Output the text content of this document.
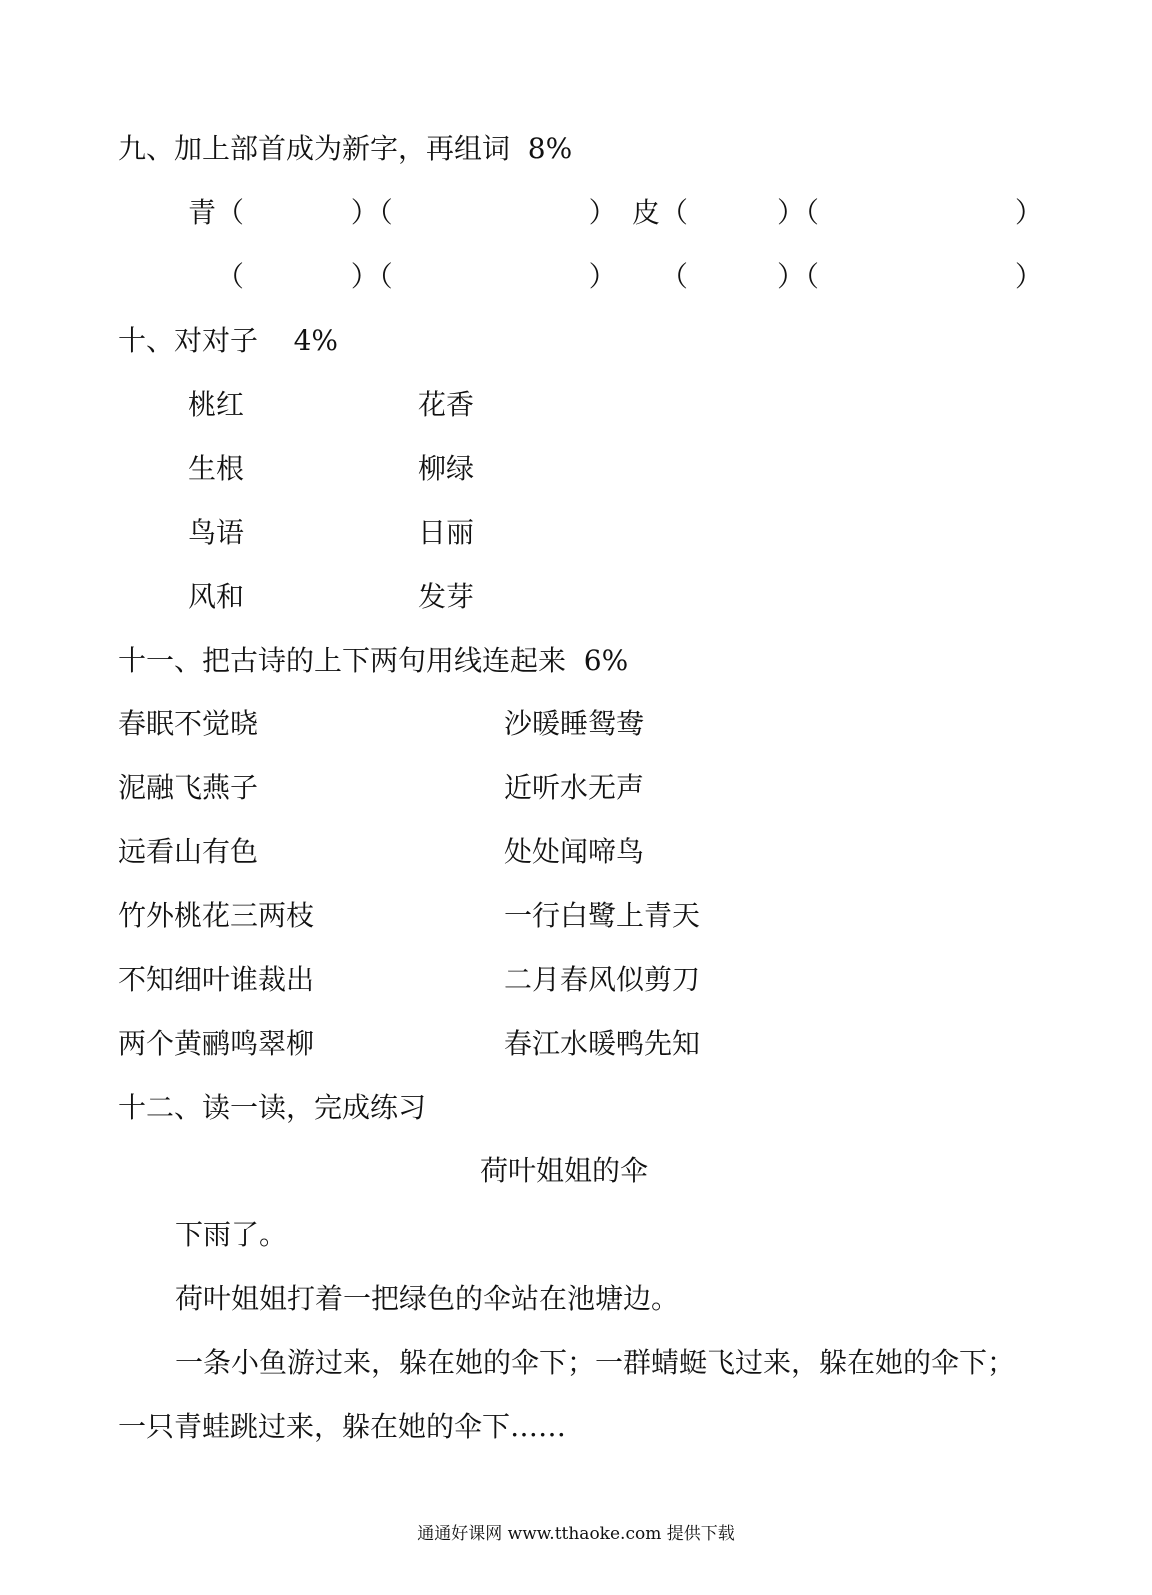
九、加上部首成为新字，再组词  8%
青（            ）（                      ） 皮（          ）（                      ）
（            ）（                      ） （          ）（                      ）
十、对对子    4%
桃红	花香
生根	柳绿
鸟语	日丽
风和	发芽
十一、把古诗的上下两句用线连起来  6%
春眠不觉晓	沙暖睡鸳鸯
泥融飞燕子	近听水无声
远看山有色	处处闻啼鸟
竹外桃花三两枝	一行白鹭上青天
不知细叶谁裁出	二月春风似剪刀
两个黄鹂鸣翠柳	春江水暖鸭先知
十二、读一读，完成练习
荷叶姐姐的伞
下雨了。
荷叶姐姐打着一把绿色的伞站在池塘边。
一条小鱼游过来，躲在她的伞下；一群蜻蜓飞过来，躲在她的伞下；
一只青蛙跳过来，躲在她的伞下……
通通好课网 www.tthaoke.com 提供下载
